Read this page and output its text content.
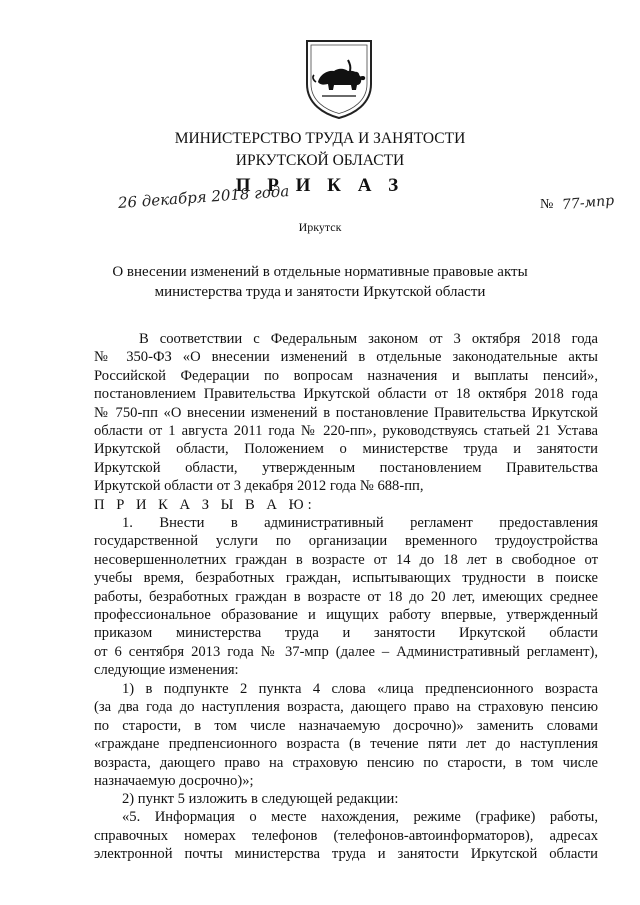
МИНИСТЕРСТВО ТРУДА И ЗАНЯТОСТИ
ИРКУТСКОЙ ОБЛАСТИ
П Р И К А З
26 декабря 2018 года	№ 77-мпр
Иркутск
О внесении изменений в отдельные нормативные правовые акты
министерства труда и занятости Иркутской области
В соответствии с Федеральным законом от 3 октября 2018 года
№ 350-ФЗ «О внесении изменений в отдельные законодательные акты
Российской Федерации по вопросам назначения и выплаты пенсий»,
постановлением Правительства Иркутской области от 18 октября 2018 года
№ 750-пп «О внесении изменений в постановление Правительства Иркутской
области от 1 августа 2011 года № 220-пп», руководствуясь статьей 21 Устава
Иркутской области, Положением о министерстве труда и занятости
Иркутской области, утвержденным постановлением Правительства
Иркутской области от 3 декабря 2012 года № 688-пп,
П Р И К А З Ы В А Ю:
1. Внести в административный регламент предоставления
государственной услуги по организации временного трудоустройства
несовершеннолетних граждан в возрасте от 14 до 18 лет в свободное от
учебы время, безработных граждан, испытывающих трудности в поиске
работы, безработных граждан в возрасте от 18 до 20 лет, имеющих среднее
профессиональное образование и ищущих работу впервые, утвержденный
приказом министерства труда и занятости Иркутской области
от 6 сентября 2013 года № 37-мпр (далее – Административный регламент),
следующие изменения:
1) в подпункте 2 пункта 4 слова «лица предпенсионного возраста
(за два года до наступления возраста, дающего право на страховую пенсию
по старости, в том числе назначаемую досрочно)» заменить словами
«граждане предпенсионного возраста (в течение пяти лет до наступления
возраста, дающего право на страховую пенсию по старости, в том числе
назначаемую досрочно)»;
2) пункт 5 изложить в следующей редакции:
«5. Информация о месте нахождения, режиме (графике) работы,
справочных номерах телефонов (телефонов-автоинформаторов), адресах
электронной почты министерства труда и занятости Иркутской области
